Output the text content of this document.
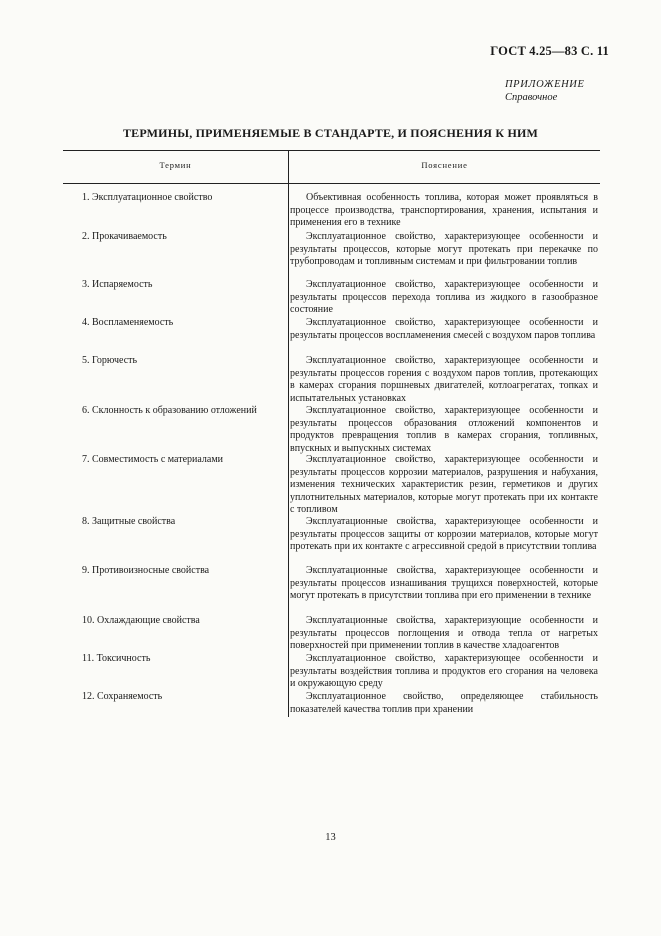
ГОСТ 4.25—83 С. 11
ПРИЛОЖЕНИЕ
Справочное
ТЕРМИНЫ, ПРИМЕНЯЕМЫЕ В СТАНДАРТЕ, И ПОЯСНЕНИЯ К НИМ
Термин	Пояснение
1. Эксплуатационное свойство	Объективная особенность топлива, которая может проявляться в процессе производства, транспортирования, хранения, испытания и применения его в технике
2. Прокачиваемость	Эксплуатационное свойство, характеризующее особенности и результаты процессов, которые могут протекать при перекачке по трубопроводам и топливным системам и при фильтровании топлив
3. Испаряемость	Эксплуатационное свойство, характеризующее особенности и результаты процессов перехода топлива из жидкого в газообразное состояние
4. Воспламеняемость	Эксплуатационное свойство, характеризующее особенности и результаты процессов воспламенения смесей с воздухом паров топлива
5. Горючесть	Эксплуатационное свойство, характеризующее особенности и результаты процессов горения с воздухом паров топлив, протекающих в камерах сгорания поршневых двигателей, котлоагрегатах, топках и испытательных установках
6. Склонность к образованию отложений	Эксплуатационное свойство, характеризующее особенности и результаты процессов образования отложений компонентов и продуктов превращения топлив в камерах сгорания, топливных, впускных и выпускных системах
7. Совместимость с материалами	Эксплуатационное свойство, характеризующее особенности и результаты процессов коррозии материалов, разрушения и набухания, изменения технических характеристик резин, герметиков и других уплотнительных материалов, которые могут протекать при их контакте с топливом
8. Защитные свойства	Эксплуатационные свойства, характеризующее особенности и результаты процессов защиты от коррозии материалов, которые могут протекать при их контакте с агрессивной средой в присутствии топлива
9. Противоизносные свойства	Эксплуатационные свойства, характеризующее особенности и результаты процессов изнашивания трущихся поверхностей, которые могут протекать в присутствии топлива при его применении в технике
10. Охлаждающие свойства	Эксплуатационные свойства, характеризующие особенности и результаты процессов поглощения и отвода тепла от нагретых поверхностей при применении топлив в качестве хладоагентов
11. Токсичность	Эксплуатационное свойство, характеризующее особенности и результаты воздействия топлива и продуктов его сгорания на человека и окружающую среду
12. Сохраняемость	Эксплуатационное свойство, определяющее стабильность показателей качества топлив при хранении
13
